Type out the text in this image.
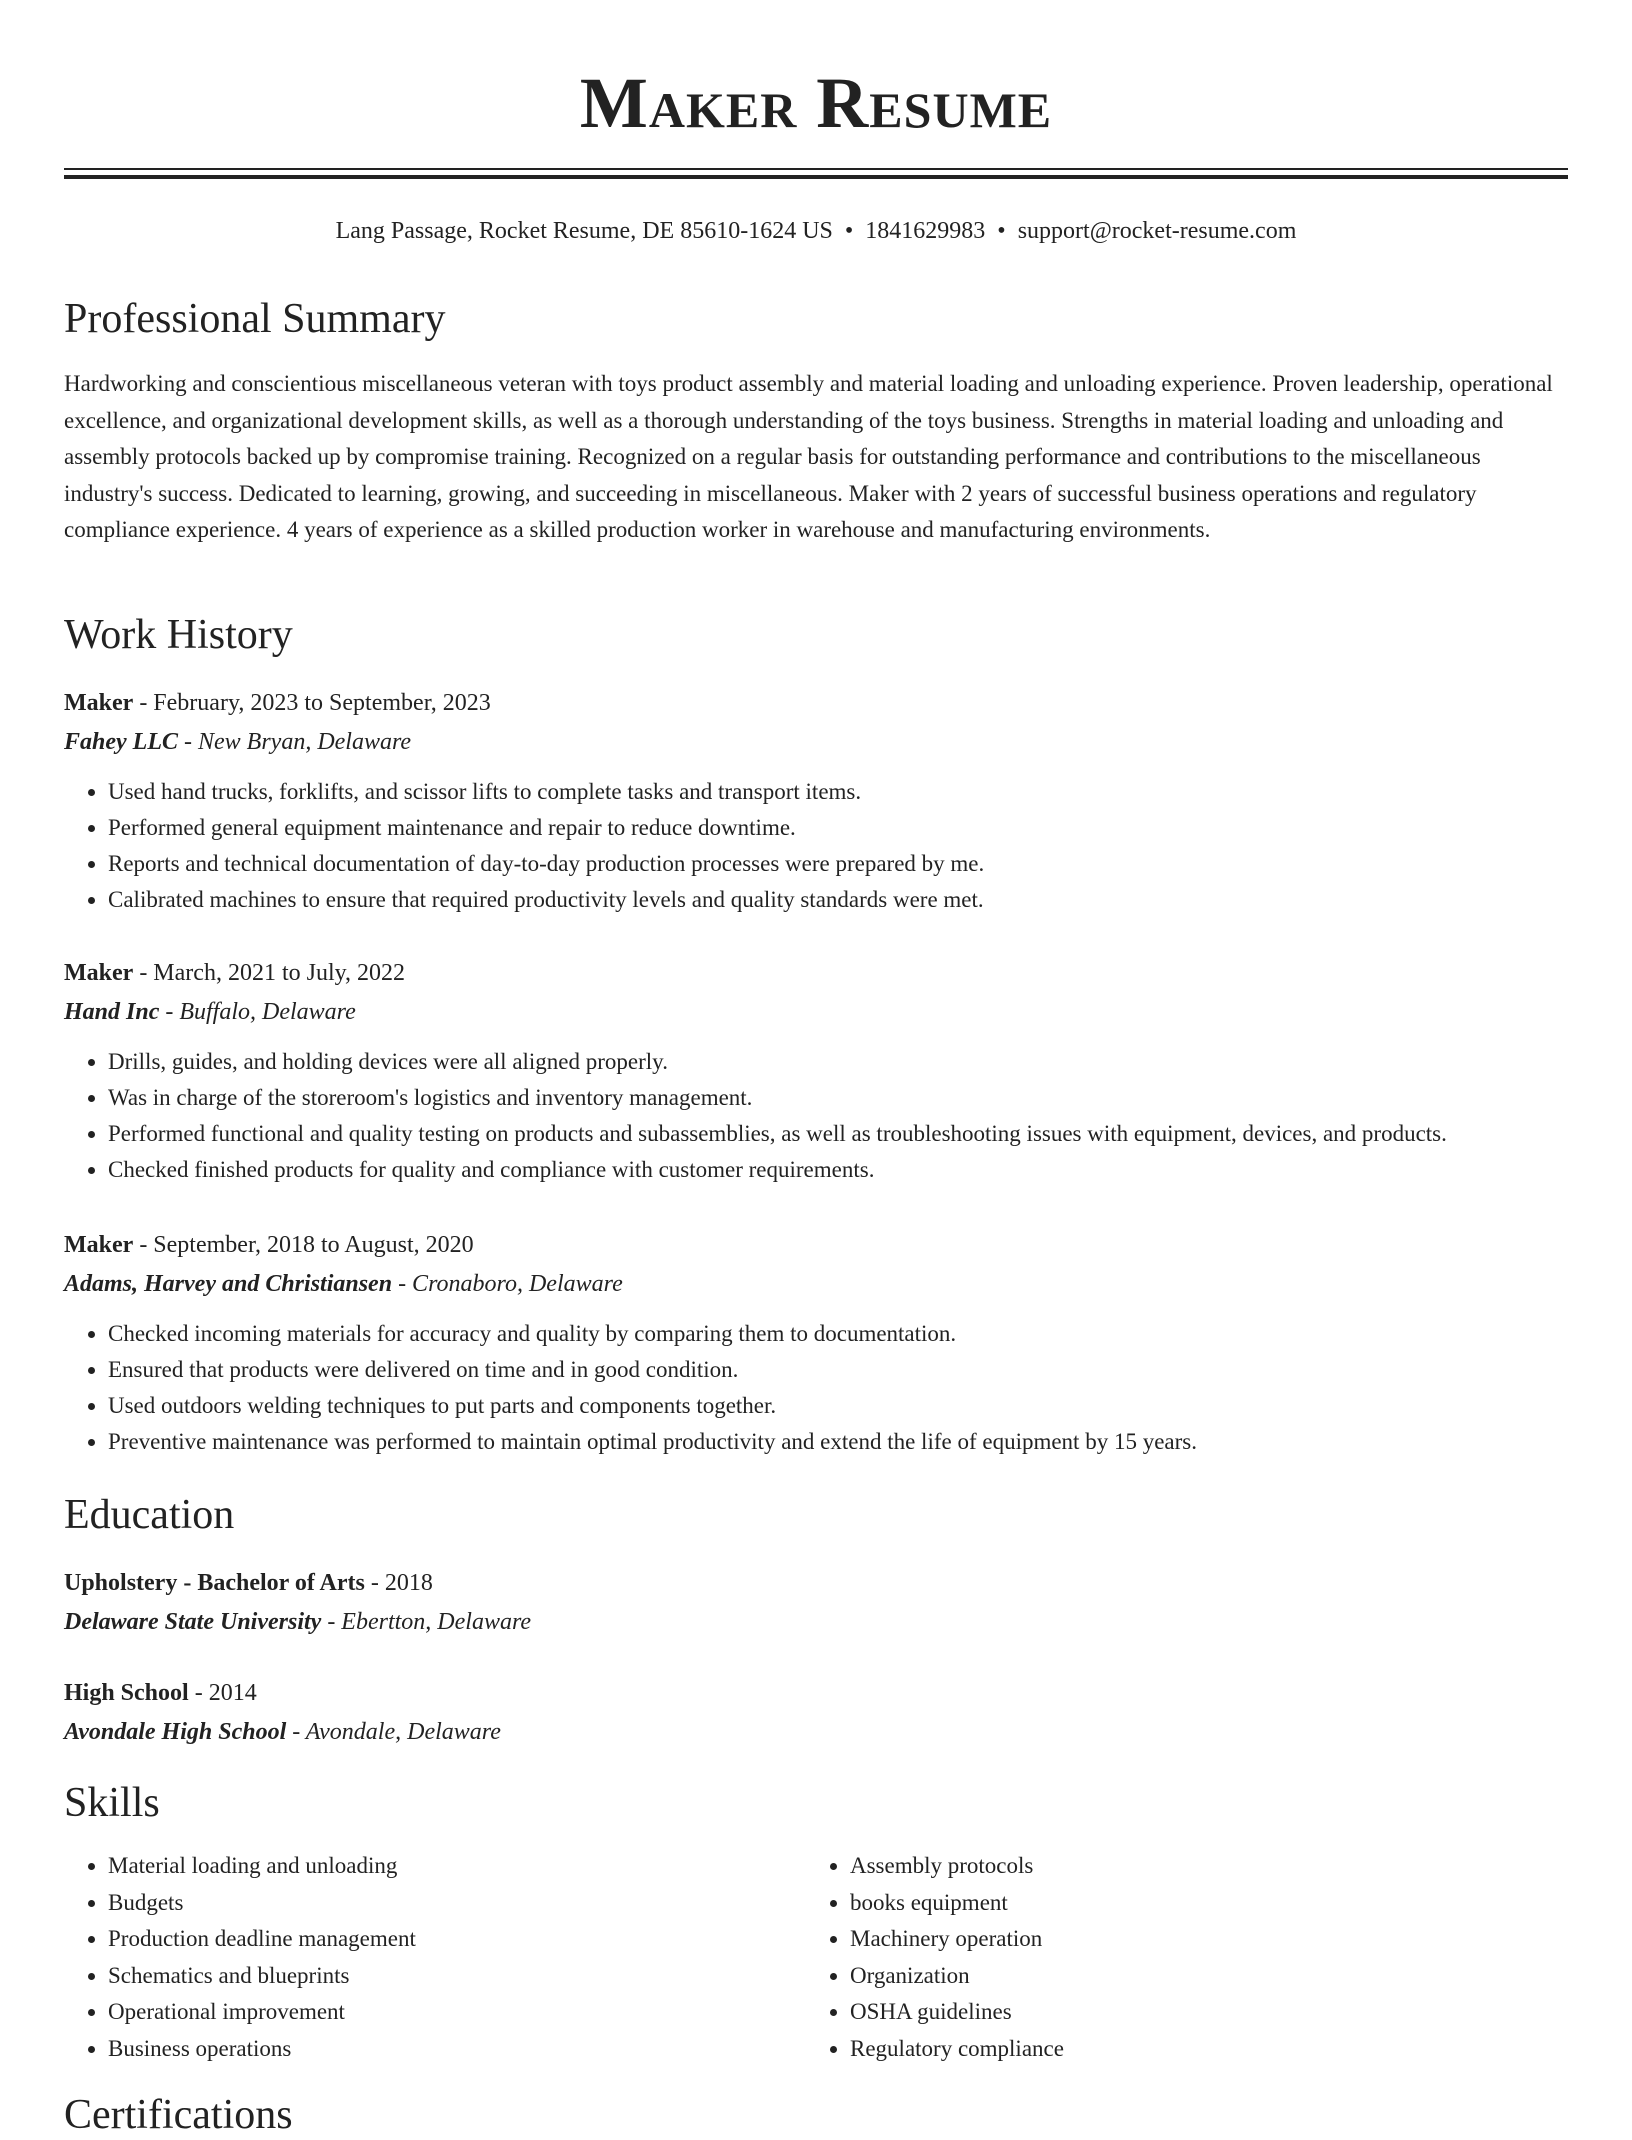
Maker Resume
Lang Passage, Rocket Resume, DE 85610-1624 US • 1841629983 • support@rocket-resume.com
Professional Summary

Hardworking and conscientious miscellaneous veteran with toys product assembly and material loading and unloading experience. Proven leadership, operational excellence, and organizational development skills, as well as a thorough understanding of the toys business. Strengths in material loading and unloading and assembly protocols backed up by compromise training. Recognized on a regular basis for outstanding performance and contributions to the miscellaneous industry's success. Dedicated to learning, growing, and succeeding in miscellaneous. Maker with 2 years of successful business operations and regulatory compliance experience. 4 years of experience as a skilled production worker in warehouse and manufacturing environments.

Work History
Maker - February, 2023 to September, 2023
Fahey LLC - New Bryan, Delaware
• Used hand trucks, forklifts, and scissor lifts to complete tasks and transport items.
• Performed general equipment maintenance and repair to reduce downtime.
• Reports and technical documentation of day-to-day production processes were prepared by me.
• Calibrated machines to ensure that required productivity levels and quality standards were met.
Maker - March, 2021 to July, 2022
Hand Inc - Buffalo, Delaware
• Drills, guides, and holding devices were all aligned properly.
• Was in charge of the storeroom's logistics and inventory management.
• Performed functional and quality testing on products and subassemblies, as well as troubleshooting issues with equipment, devices, and products.
• Checked finished products for quality and compliance with customer requirements.
Maker - September, 2018 to August, 2020
Adams, Harvey and Christiansen - Cronaboro, Delaware
• Checked incoming materials for accuracy and quality by comparing them to documentation.
• Ensured that products were delivered on time and in good condition.
• Used outdoors welding techniques to put parts and components together.
• Preventive maintenance was performed to maintain optimal productivity and extend the life of equipment by 15 years.
Education
Upholstery - Bachelor of Arts - 2018
Delaware State University - Ebertton, Delaware
High School - 2014
Avondale High School - Avondale, Delaware
Skills
• Material loading and unloading
• Budgets
• Production deadline management
• Schematics and blueprints
• Operational improvement
• Business operations
• Assembly protocols
• books equipment
• Machinery operation
• Organization
• OSHA guidelines
• Regulatory compliance
Certifications
